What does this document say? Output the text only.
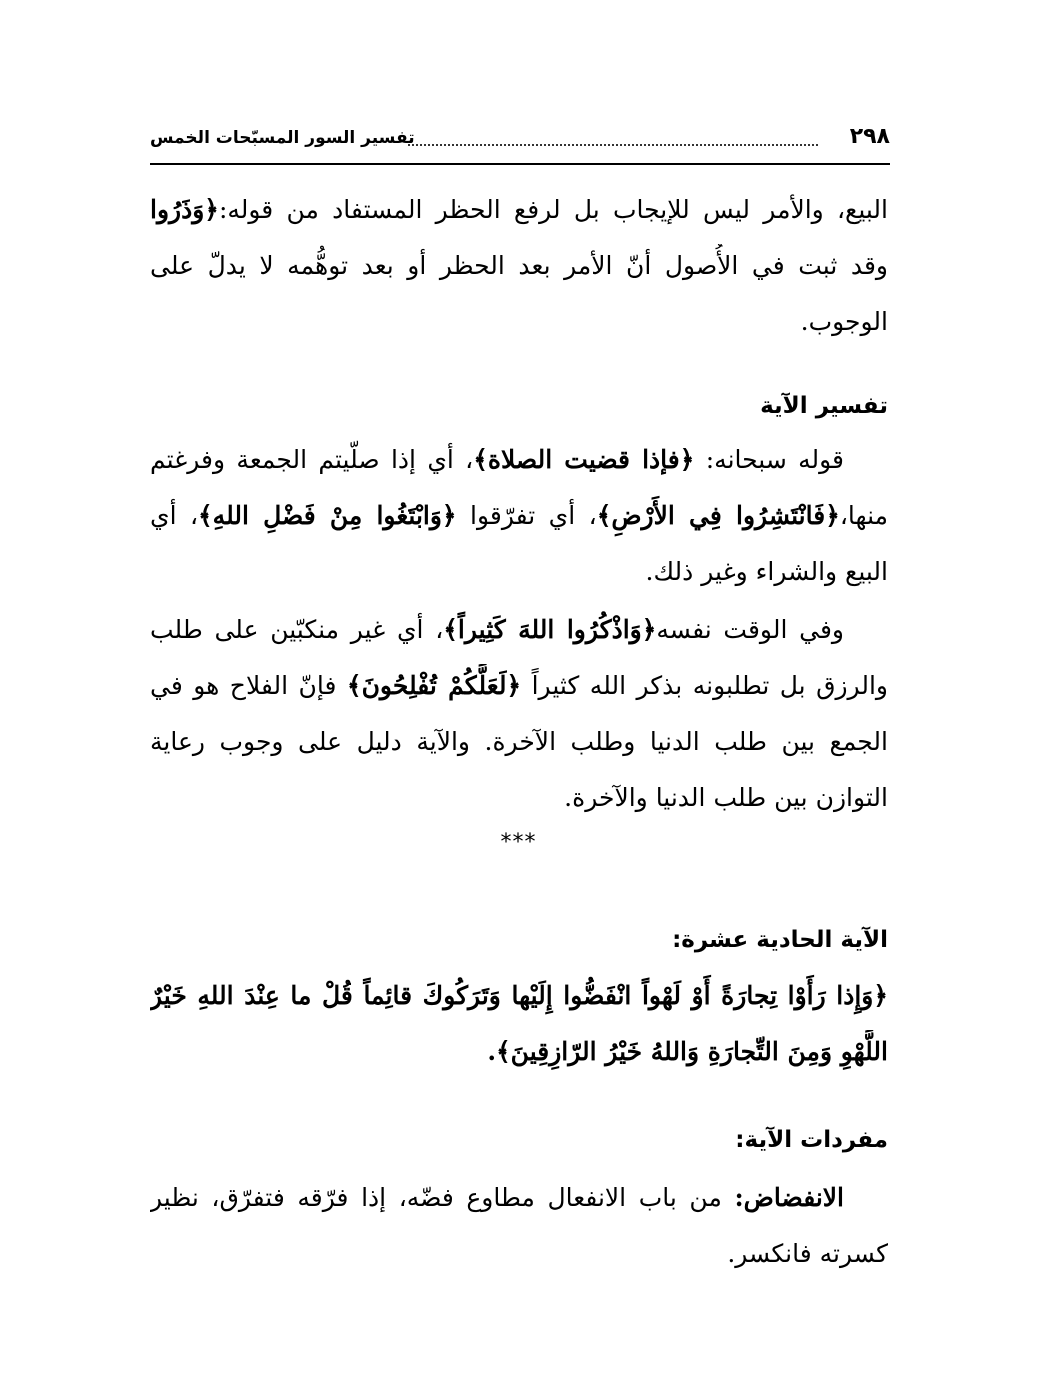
٢٩٨
تفسير السور المسبّحات الخمس
البيع، والأمر ليس للإيجاب بل لرفع الحظر المستفاد من قوله:﴿وَذَرُوا
وقد ثبت في الأُصول أنّ الأمر بعد الحظر أو بعد توهُّمه لا يدلّ على
الوجوب.
تفسير الآية
قوله سبحانه: ﴿فإذا قضيت الصلاة﴾، أي إذا صلّيتم الجمعة وفرغتم
منها،﴿فَانْتَشِرُوا فِي الأَرْضِ﴾، أي تفرّقوا ﴿وَابْتَغُوا مِنْ فَضْلِ اللهِ﴾، أي
البيع والشراء وغير ذلك.
وفي الوقت نفسه﴿وَاذْكُرُوا اللهَ كَثِيراً﴾، أي غير منكبّين على طلب
والرزق بل تطلبونه بذكر الله كثيراً ﴿لَعَلَّكُمْ تُفْلِحُونَ﴾ فإنّ الفلاح هو في
الجمع بين طلب الدنيا وطلب الآخرة. والآية دليل على وجوب رعاية
التوازن بين طلب الدنيا والآخرة.
***
الآية الحادية عشرة:
﴿وَإِذا رَأَوْا تِجارَةً أَوْ لَهْواً انْفَضُّوا إِلَيْها وَتَرَكُوكَ قائِماً قُلْ ما عِنْدَ اللهِ خَيْرٌ
اللَّهْوِ وَمِنَ التِّجارَةِ وَاللهُ خَيْرُ الرّازِقِينَ﴾.
مفردات الآية:
الانفضاض: من باب الانفعال مطاوع فضّه، إذا فرّقه فتفرّق، نظير
كسرته فانكسر.
